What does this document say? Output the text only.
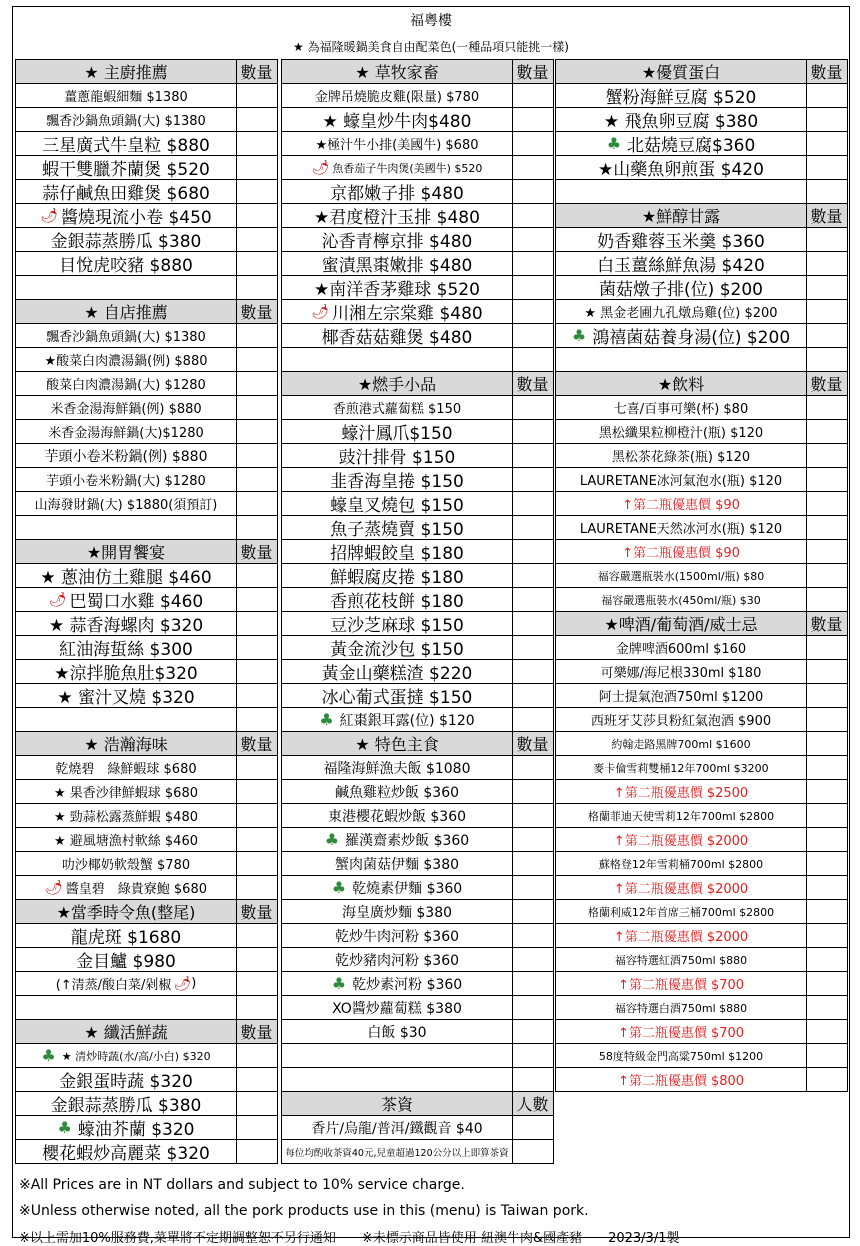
福粵樓
★ 為福隆暖鍋美食自由配菜色(一種品項只能挑一樣)
★ 主廚推薦	數量
薑蔥龍蝦細麵 $1380
飄香沙鍋魚頭鍋(大) $1380
三星廣式牛皇粒 $880
蝦干雙臘芥蘭煲 $520
蒜仔鹹魚田雞煲 $680
🌶 醬燒現流小卷 $450
金銀蒜蒸勝瓜 $380
目悅虎咬豬 $880
★ 自店推薦	數量
飄香沙鍋魚頭鍋(大) $1380
★酸菜白肉濃湯鍋(例) $880
酸菜白肉濃湯鍋(大) $1280
米香金湯海鮮鍋(例) $880
米香金湯海鮮鍋(大)$1280
芋頭小卷米粉鍋(例) $880
芋頭小卷米粉鍋(大) $1280
山海發財鍋(大) $1880(須預訂)
★開胃饗宴	數量
★ 蔥油仿土雞腿 $460
🌶 巴蜀口水雞 $460
★ 蒜香海螺肉 $320
紅油海蜇絲 $300
★涼拌脆魚肚$320
★ 蜜汁叉燒 $320
★ 浩瀚海味	數量
乾燒碧　綠鮮蝦球 $680
★ 果香沙律鮮蝦球 $680
★ 勁蒜松露蒸鮮蝦 $480
★ 避風塘漁村軟絲 $460
叻沙椰奶軟殼蟹 $780
🌶 醬皇碧　綠貴寮鮑 $680
★當季時令魚(整尾)	數量
龍虎斑 $1680
金目鱸 $980
(↑清蒸/酸白菜/剁椒 🌶 )
★ 纖活鮮蔬	數量
♣ ★ 清炒時蔬(水/高/小白) $320
金銀蛋時蔬 $320
金銀蒜蒸勝瓜 $380
♣ 蠔油芥蘭 $320
櫻花蝦炒高麗菜 $320
★ 草牧家畜	數量
金牌吊燒脆皮雞(限量) $780
★ 蠔皇炒牛肉$480
★極汁牛小排(美國牛) $680
🌶 魚香茄子牛肉煲(美國牛) $520
京都嫩子排 $480
★君度橙汁玉排 $480
沁香青檸京排 $480
蜜漬黑棗嫩排 $480
★南洋香茅雞球 $520
🌶 川湘左宗棠雞 $480
椰香菇菇雞煲 $480
★燃手小品	數量
香煎港式蘿蔔糕 $150
蠔汁鳳爪$150
豉汁排骨 $150
韭香海皇捲 $150
蠔皇叉燒包 $150
魚子蒸燒賣 $150
招牌蝦餃皇 $180
鮮蝦腐皮捲 $180
香煎花枝餅 $180
豆沙芝麻球 $150
黃金流沙包 $150
黃金山藥糕渣 $220
冰心葡式蛋撻 $150
♣ 紅棗銀耳露(位) $120
★ 特色主食	數量
福隆海鮮漁夫飯 $1080
鹹魚雞粒炒飯 $360
東港櫻花蝦炒飯 $360
♣ 羅漢齋素炒飯 $360
蟹肉菌菇伊麵 $380
♣ 乾燒素伊麵 $360
海皇廣炒麵 $380
乾炒牛肉河粉 $360
乾炒豬肉河粉 $360
♣ 乾炒素河粉 $360
XO醬炒蘿蔔糕 $380
白飯 $30
茶資	人數
香片/烏龍/普洱/鐵觀音 $40
每位均酌收茶資40元,兒童超過120公分以上即算茶資
★優質蛋白	數量
蟹粉海鮮豆腐 $520
★ 飛魚卵豆腐 $380
♣ 北菇燒豆腐$360
★山藥魚卵煎蛋 $420
★鮮醇甘露	數量
奶香雞蓉玉米羹 $360
白玉薑絲鮮魚湯 $420
菌菇燉子排(位) $200
★ 黑金老圃九孔燉烏雞(位) $200
♣ 鴻禧菌菇養身湯(位) $200
★飲料	數量
七喜/百事可樂(杯) $80
黑松纖果粒柳橙汁(瓶) $120
黑松茶花綠茶(瓶) $120
LAURETANE冰河氣泡水(瓶) $120
↑第二瓶優惠價 $90
LAURETANE天然冰河水(瓶) $120
↑第二瓶優惠價 $90
福容嚴選瓶裝水(1500ml/瓶) $80
福容嚴選瓶裝水(450ml/瓶) $30
★啤酒/葡萄酒/威士忌	數量
金牌啤酒600ml $160
可樂娜/海尼根330ml $180
阿士提氣泡酒750ml $1200
西班牙艾莎貝粉紅氣泡酒 $900
約翰走路黑牌700ml $1600
麥卡倫雪莉雙桶12年700ml $3200
↑第二瓶優惠價 $2500
格蘭菲迪天使雪莉12年700ml $2800
↑第二瓶優惠價 $2000
蘇格登12年雪莉桶700ml $2800
↑第二瓶優惠價 $2000
格蘭利威12年首席三桶700ml $2800
↑第二瓶優惠價 $2000
福容特選紅酒750ml $880
↑第二瓶優惠價 $700
福容特選白酒750ml $880
↑第二瓶優惠價 $700
58度特級金門高粱750ml $1200
↑第二瓶優惠價 $800
※All Prices are in NT dollars and subject to 10% service charge.
※Unless otherwise noted, all the pork products use in this (menu) is Taiwan pork.
※以上需加10%服務費,菜單將不定期調整恕不另行通知　　※未標示商品皆使用 紐澳牛肉&國產豬　　2023/3/1製
